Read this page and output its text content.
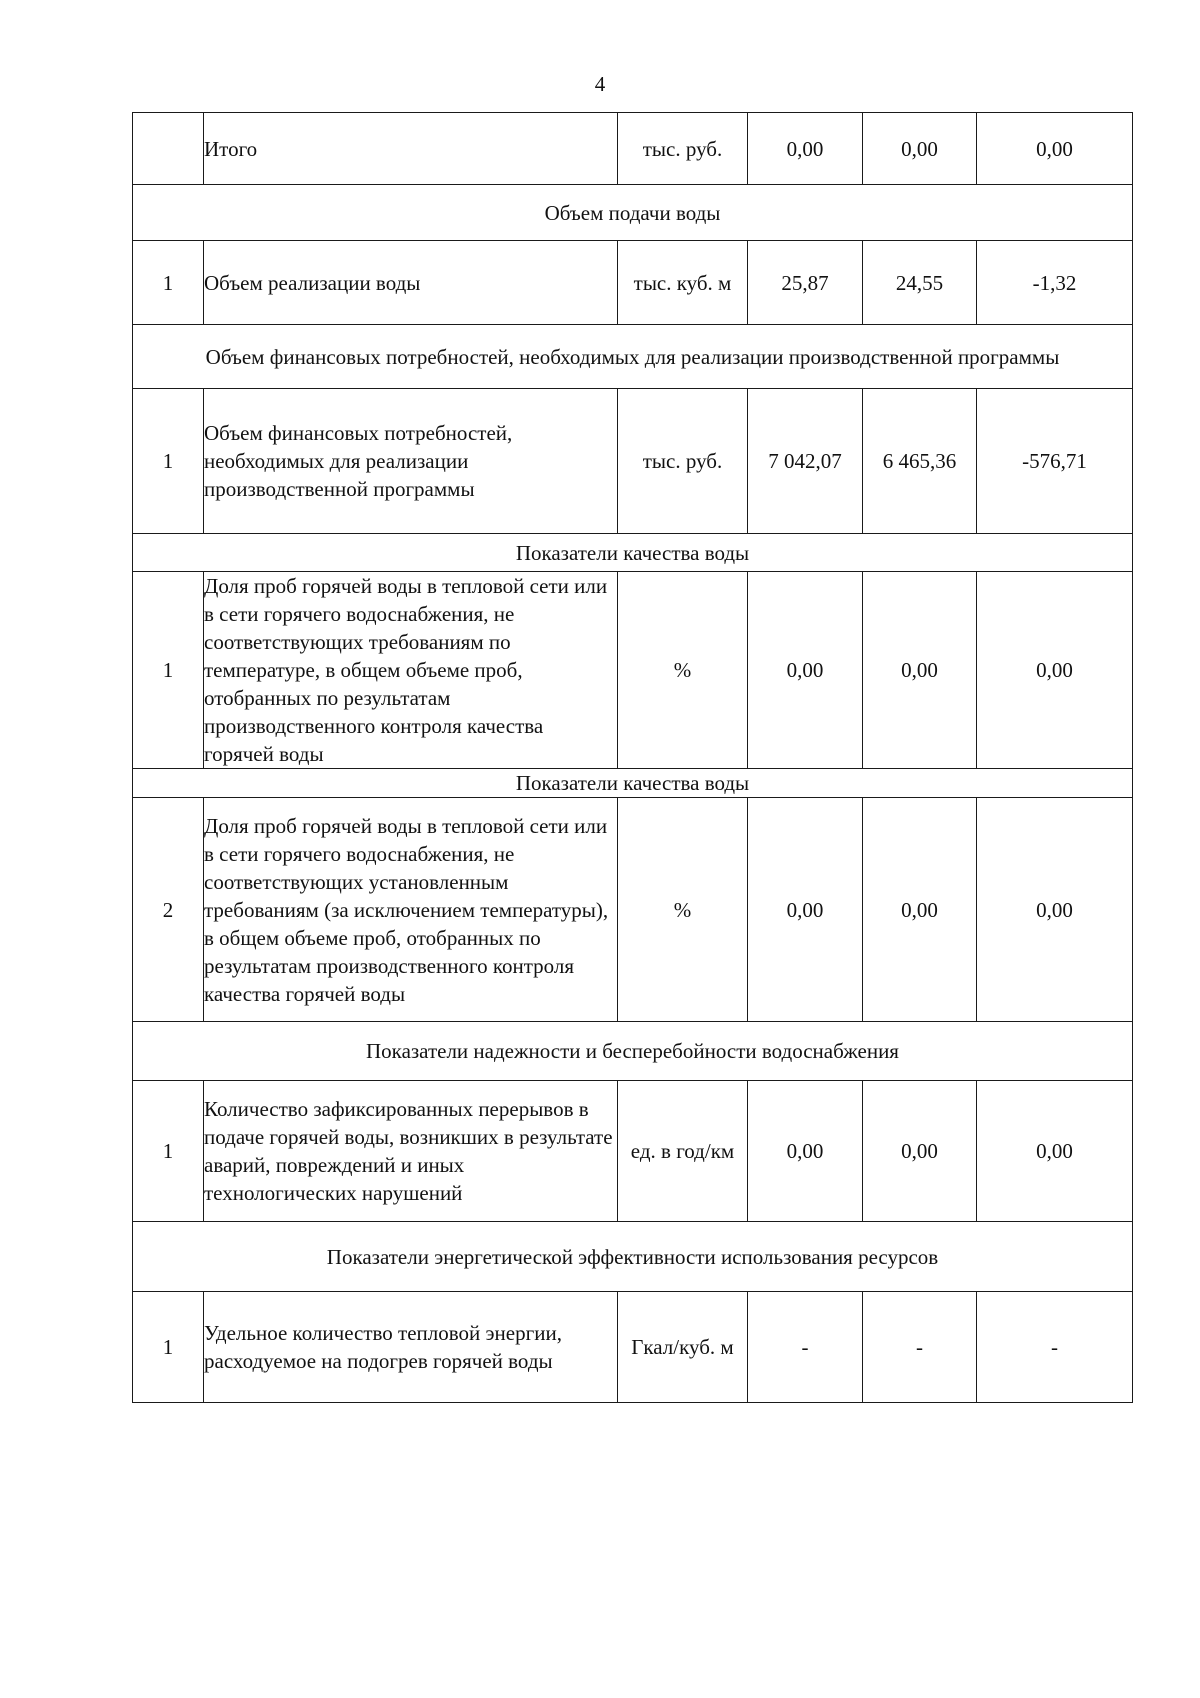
4
	Итого	тыс. руб.	0,00	0,00	0,00
Объем подачи воды					
1	Объем реализации воды	тыс. куб. м	25,87	24,55	-1,32
Объем финансовых потребностей, необходимых для реализации производственной программы					
1	Объем финансовых потребностей, необходимых для реализации производственной программы	тыс. руб.	7 042,07	6 465,36	-576,71
Показатели качества воды					
1	Доля проб горячей воды в тепловой сети или в сети горячего водоснабжения, не соответствующих требованиям по температуре, в общем объеме проб, отобранных по результатам производственного контроля качества горячей воды	%	0,00	0,00	0,00
Показатели качества воды					
2	Доля проб горячей воды в тепловой сети или в сети горячего водоснабжения, не соответствующих установленным требованиям (за исключением температуры), в общем объеме проб, отобранных по результатам производственного контроля качества горячей воды	%	0,00	0,00	0,00
Показатели надежности и бесперебойности водоснабжения					
1	Количество зафиксированных перерывов в подаче горячей воды, возникших в результате аварий, повреждений и иных технологических нарушений	ед. в год/км	0,00	0,00	0,00
Показатели энергетической эффективности использования ресурсов					
1	Удельное количество тепловой энергии, расходуемое на подогрев горячей воды	Гкал/куб. м	-	-	-
